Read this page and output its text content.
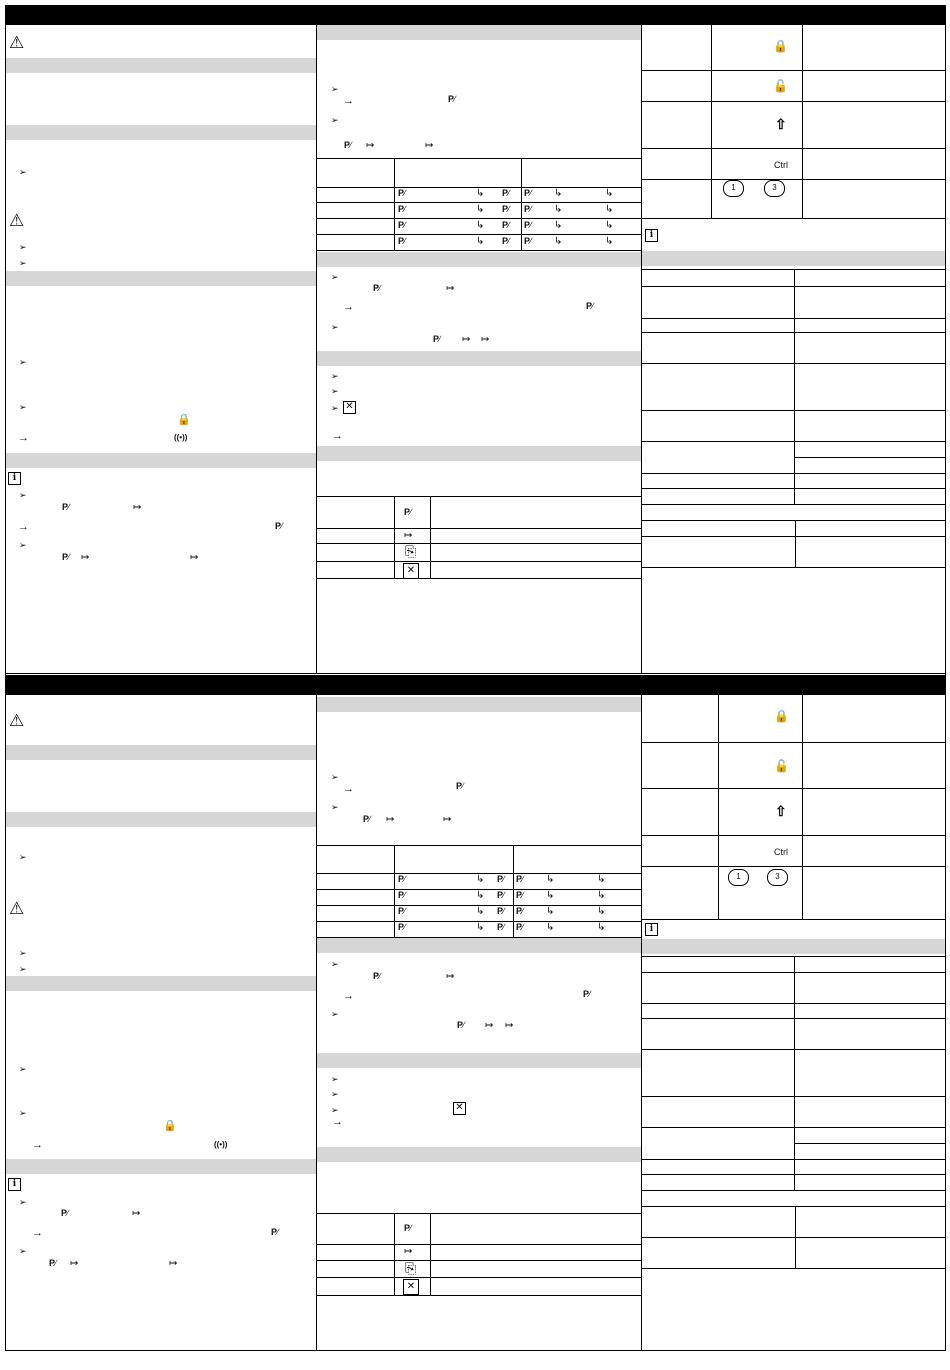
⚠
➢
⚠
➢
➢
➢
➢
🔒
→	((•))
i
➢
P∕	↦
→	P∕
➢
P∕ ↦	↦
➢
→	P∕
➢
P∕ ↦	↦
P∕	↳ P∕ P∕ ↳	↳
P∕	↳ P∕ P∕ ↳	↳
P∕	↳ P∕ P∕ ↳	↳
P∕	↳ P∕ P∕ ↳	↳
➢
P∕	↦
→	P∕
➢
P∕ ↦ ↦
➢
➢
➢ ✕
→
P∕
↦
⎘
✕
🔒
🔓
⇧
Ctrl
1	3
i
⚠
➢
⚠
➢
➢
➢
➢
🔒
→	((•))
i
➢
P∕	↦
→	P∕
➢
P∕ ↦	↦
➢
→	P∕
➢
P∕ ↦	↦
P∕	↳ P∕ P∕ ↳	↳
P∕	↳ P∕ P∕ ↳	↳
P∕	↳ P∕ P∕ ↳	↳
P∕	↳ P∕ P∕ ↳	↳
➢
P∕	↦
→	P∕
➢
P∕ ↦ ↦
➢
➢
➢	✕
→
P∕
↦
⎘
✕
🔒
🔓
⇧
Ctrl
1	3
i
